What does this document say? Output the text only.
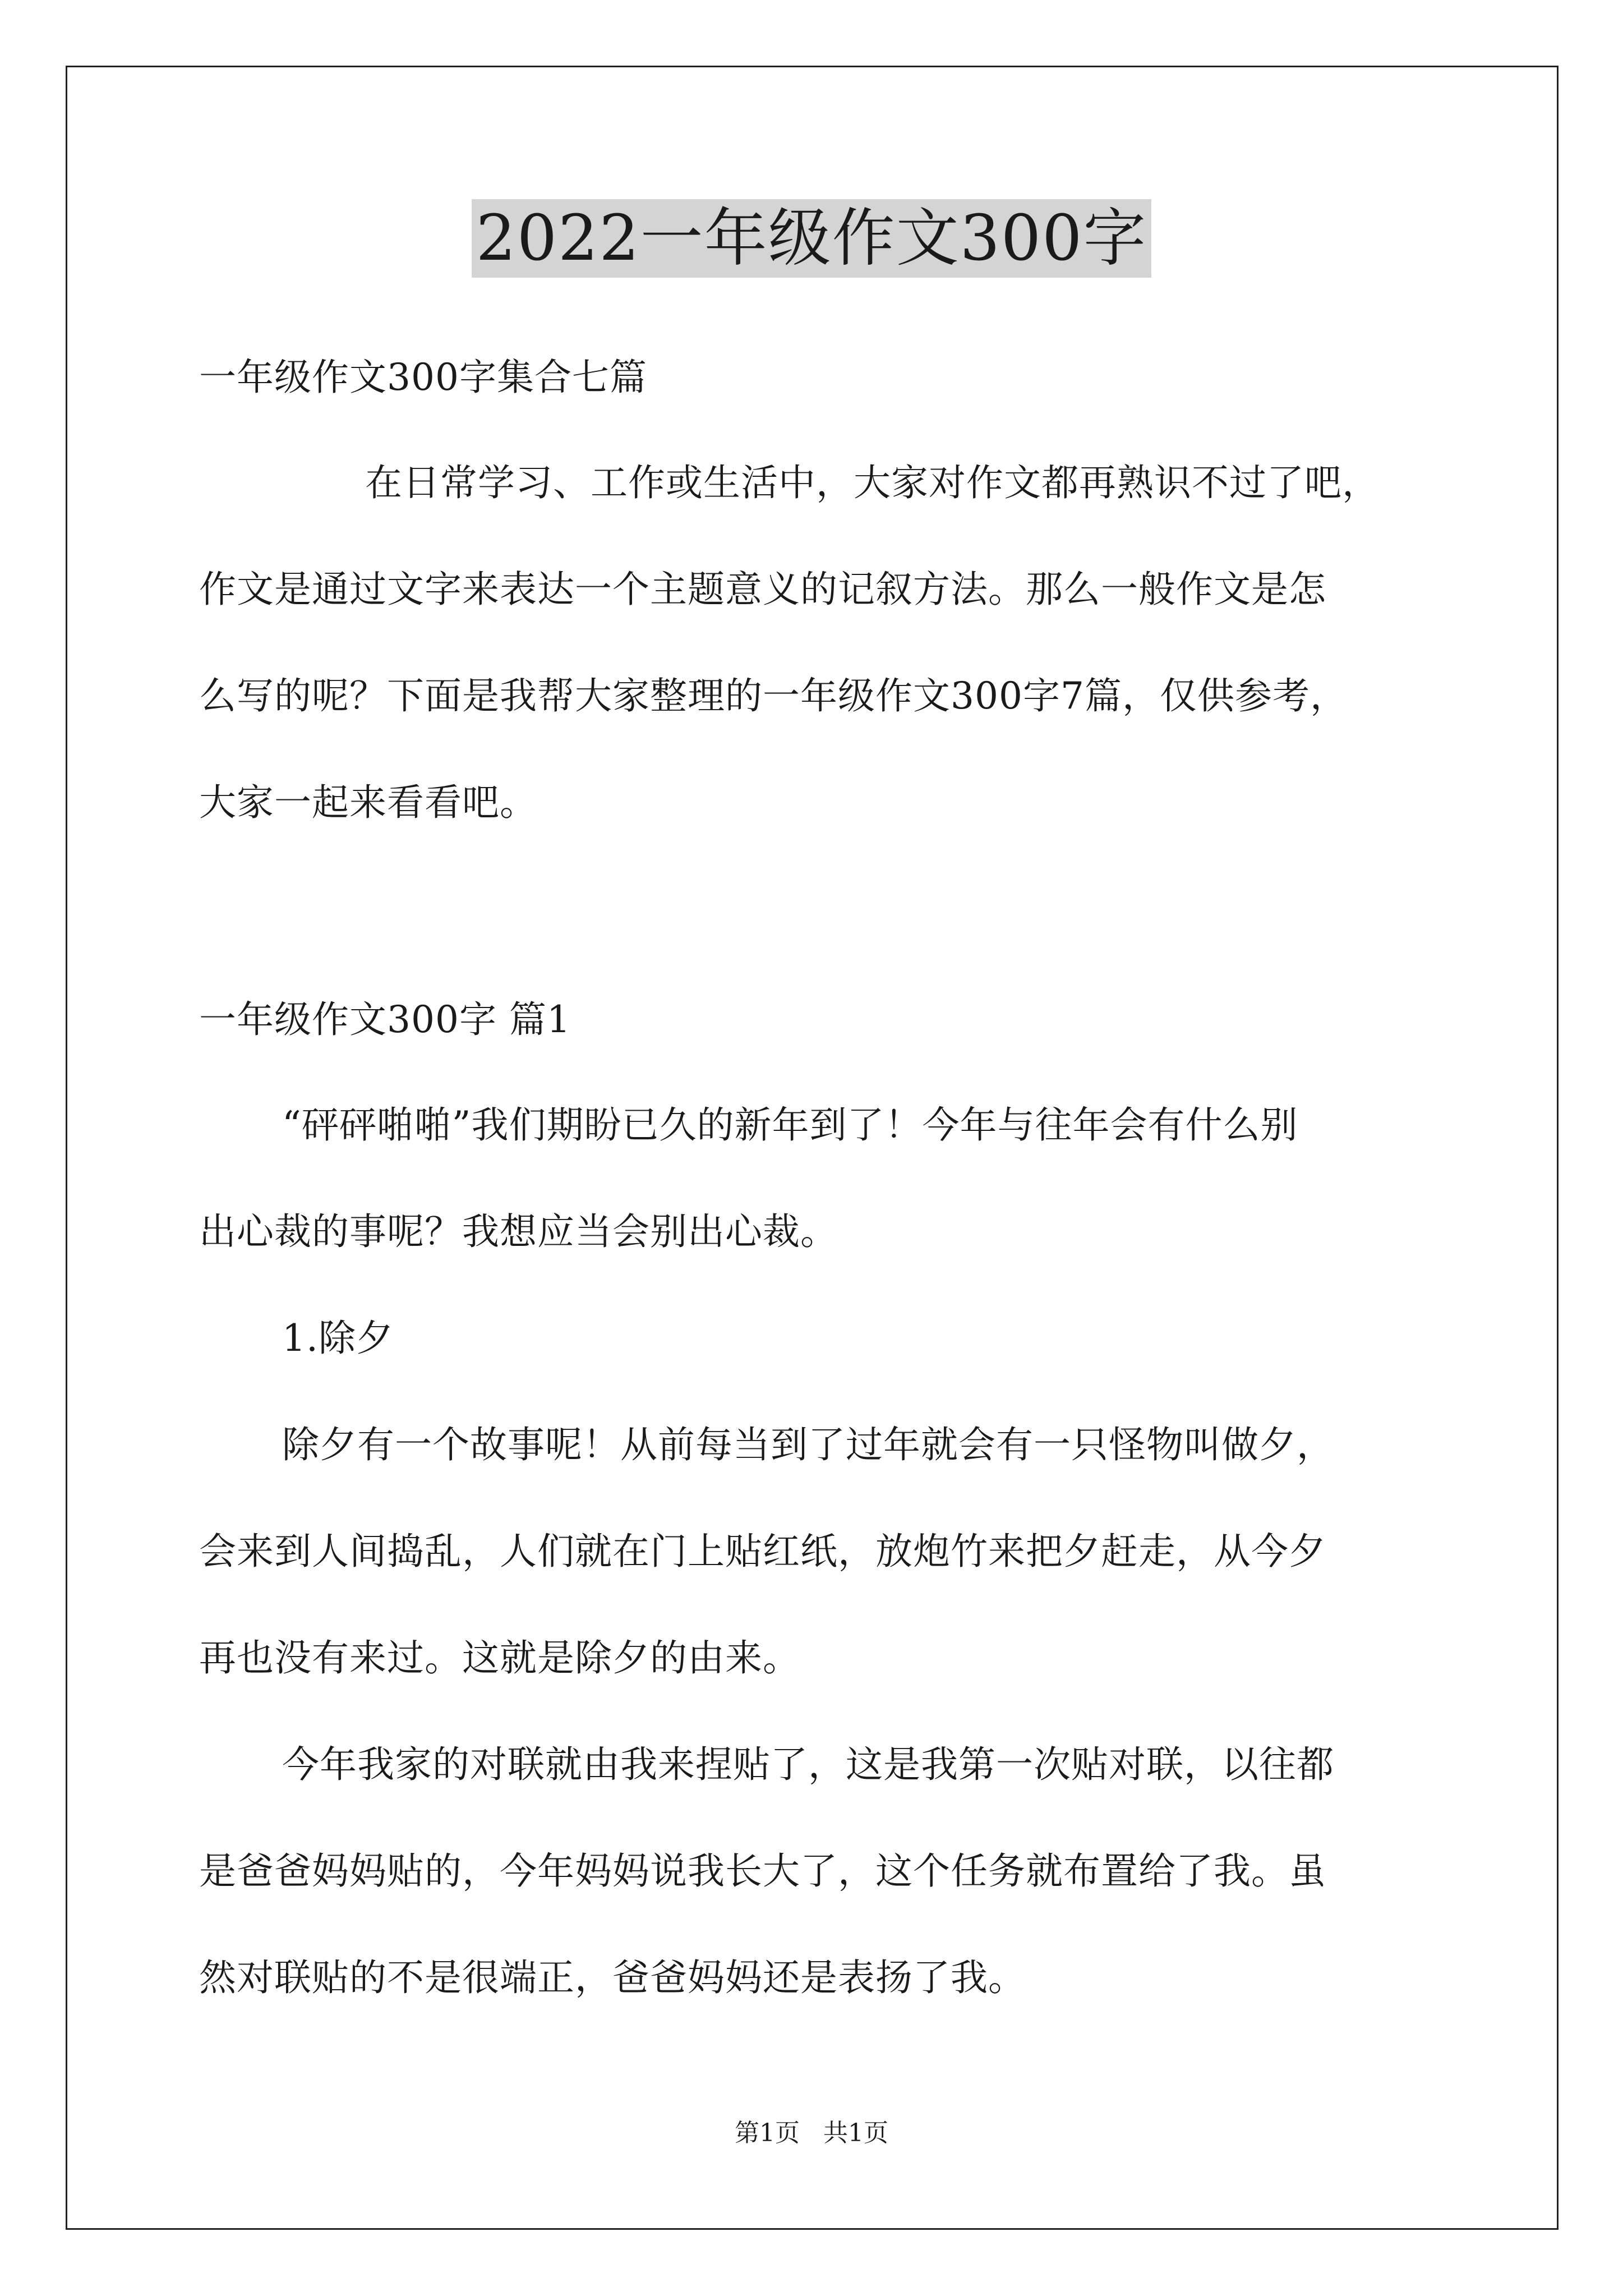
2022一年级作文300字
一年级作文300字集合七篇
在日常学习、工作或生活中，大家对作文都再熟识不过了吧，
作文是通过文字来表达一个主题意义的记叙方法。那么一般作文是怎
么写的呢？下面是我帮大家整理的一年级作文300字7篇，仅供参考，
大家一起来看看吧。
一年级作文300字 篇1
“砰砰啪啪”我们期盼已久的新年到了！今年与往年会有什么别
出心裁的事呢？我想应当会别出心裁。
1.除夕
除夕有一个故事呢！从前每当到了过年就会有一只怪物叫做夕，
会来到人间捣乱，人们就在门上贴红纸，放炮竹来把夕赶走，从今夕
再也没有来过。这就是除夕的由来。
今年我家的对联就由我来捏贴了，这是我第一次贴对联，以往都
是爸爸妈妈贴的，今年妈妈说我长大了，这个任务就布置给了我。虽
然对联贴的不是很端正，爸爸妈妈还是表扬了我。
第1页   共1页
